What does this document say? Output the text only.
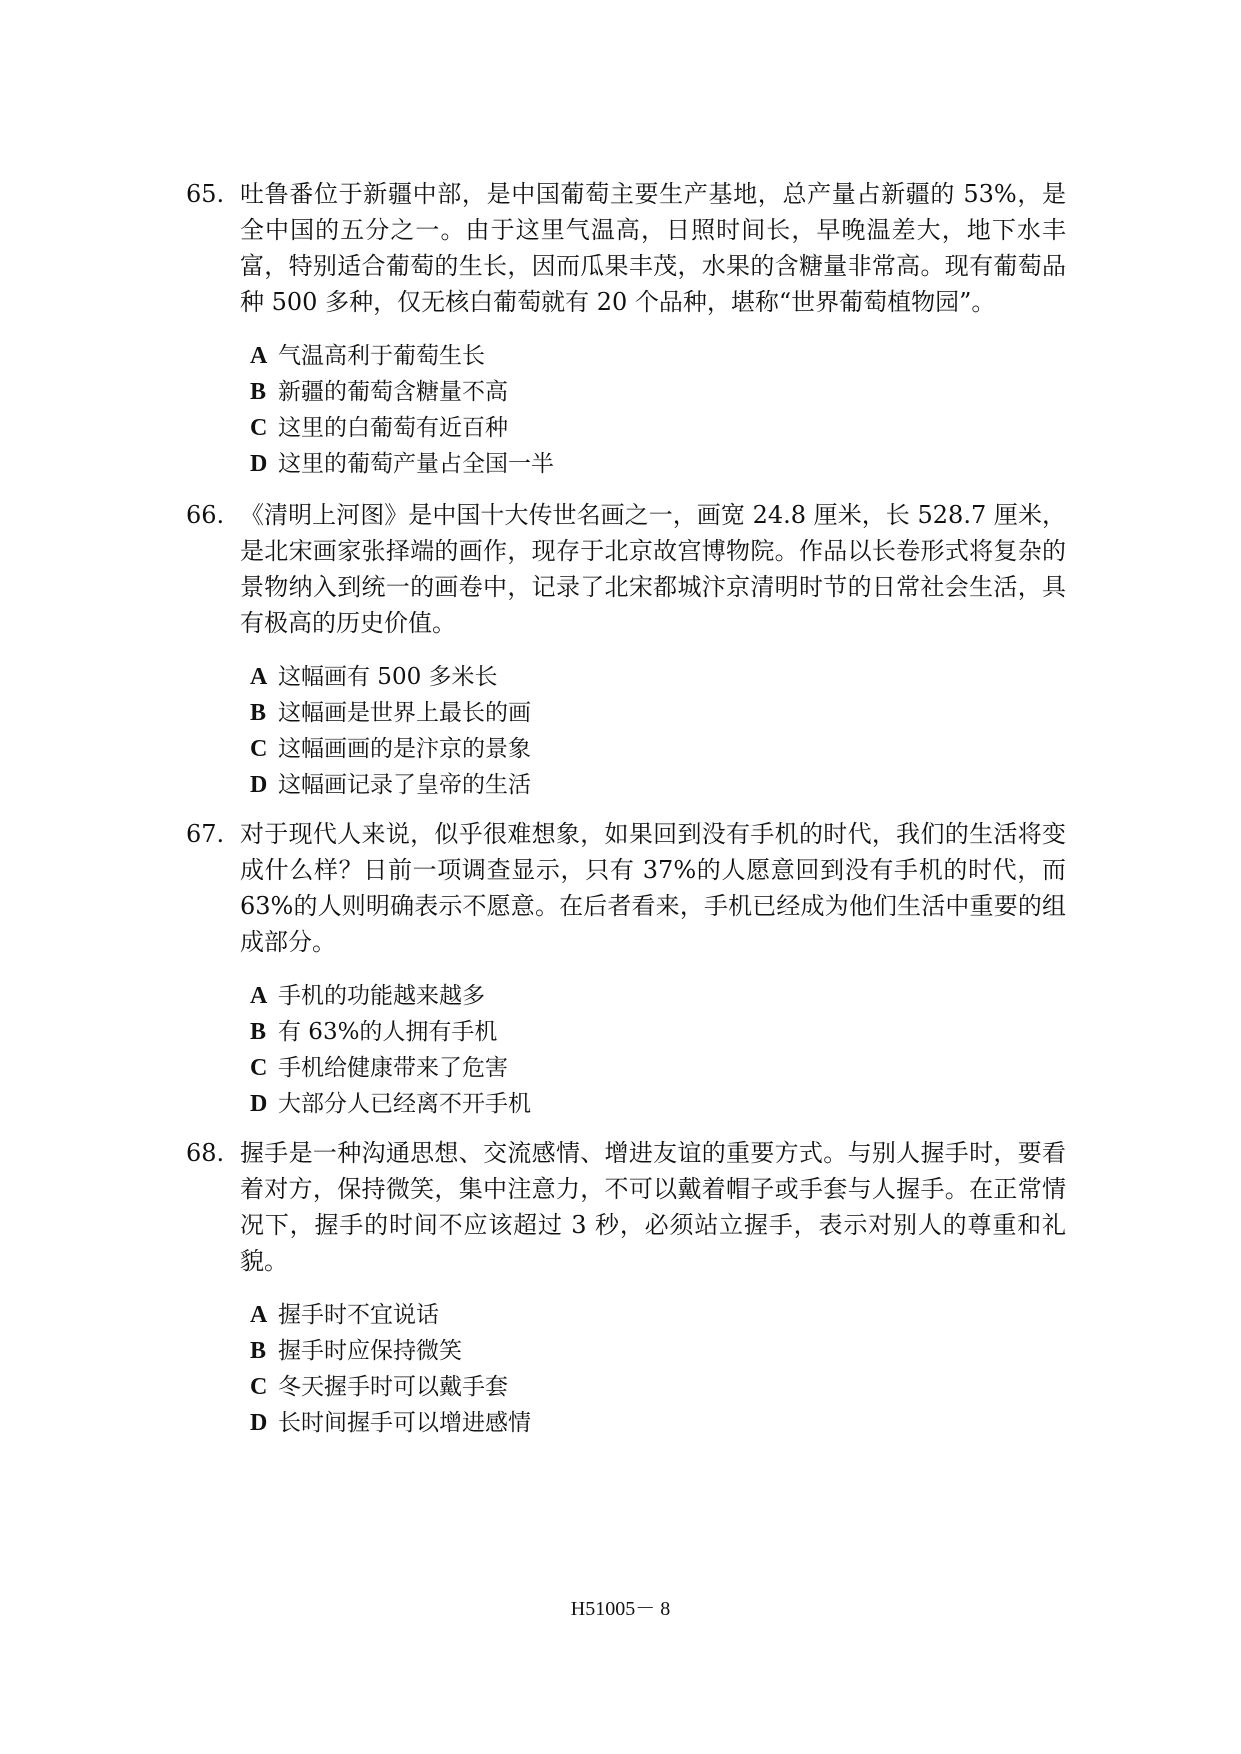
65. 吐鲁番位于新疆中部，是中国葡萄主要生产基地，总产量占新疆的 53%，是全中国的五分之一。由于这里气温高，日照时间长，早晚温差大，地下水丰富，特别适合葡萄的生长，因而瓜果丰茂，水果的含糖量非常高。现有葡萄品种 500 多种，仅无核白葡萄就有 20 个品种，堪称“世界葡萄植物园”。
A 气温高利于葡萄生长
B 新疆的葡萄含糖量不高
C 这里的白葡萄有近百种
D 这里的葡萄产量占全国一半
66. 《清明上河图》是中国十大传世名画之一，画宽 24.8 厘米，长 528.7 厘米，是北宋画家张择端的画作，现存于北京故宫博物院。作品以长卷形式将复杂的景物纳入到统一的画卷中，记录了北宋都城汴京清明时节的日常社会生活，具有极高的历史价值。
A 这幅画有 500 多米长
B 这幅画是世界上最长的画
C 这幅画画的是汴京的景象
D 这幅画记录了皇帝的生活
67. 对于现代人来说，似乎很难想象，如果回到没有手机的时代，我们的生活将变成什么样？日前一项调查显示，只有 37%的人愿意回到没有手机的时代，而 63%的人则明确表示不愿意。在后者看来，手机已经成为他们生活中重要的组成部分。
A 手机的功能越来越多
B 有 63%的人拥有手机
C 手机给健康带来了危害
D 大部分人已经离不开手机
68. 握手是一种沟通思想、交流感情、增进友谊的重要方式。与别人握手时，要看着对方，保持微笑，集中注意力，不可以戴着帽子或手套与人握手。在正常情况下，握手的时间不应该超过 3 秒，必须站立握手，表示对别人的尊重和礼貌。
A 握手时不宜说话
B 握手时应保持微笑
C 冬天握手时可以戴手套
D 长时间握手可以增进感情
H51005－ 8
